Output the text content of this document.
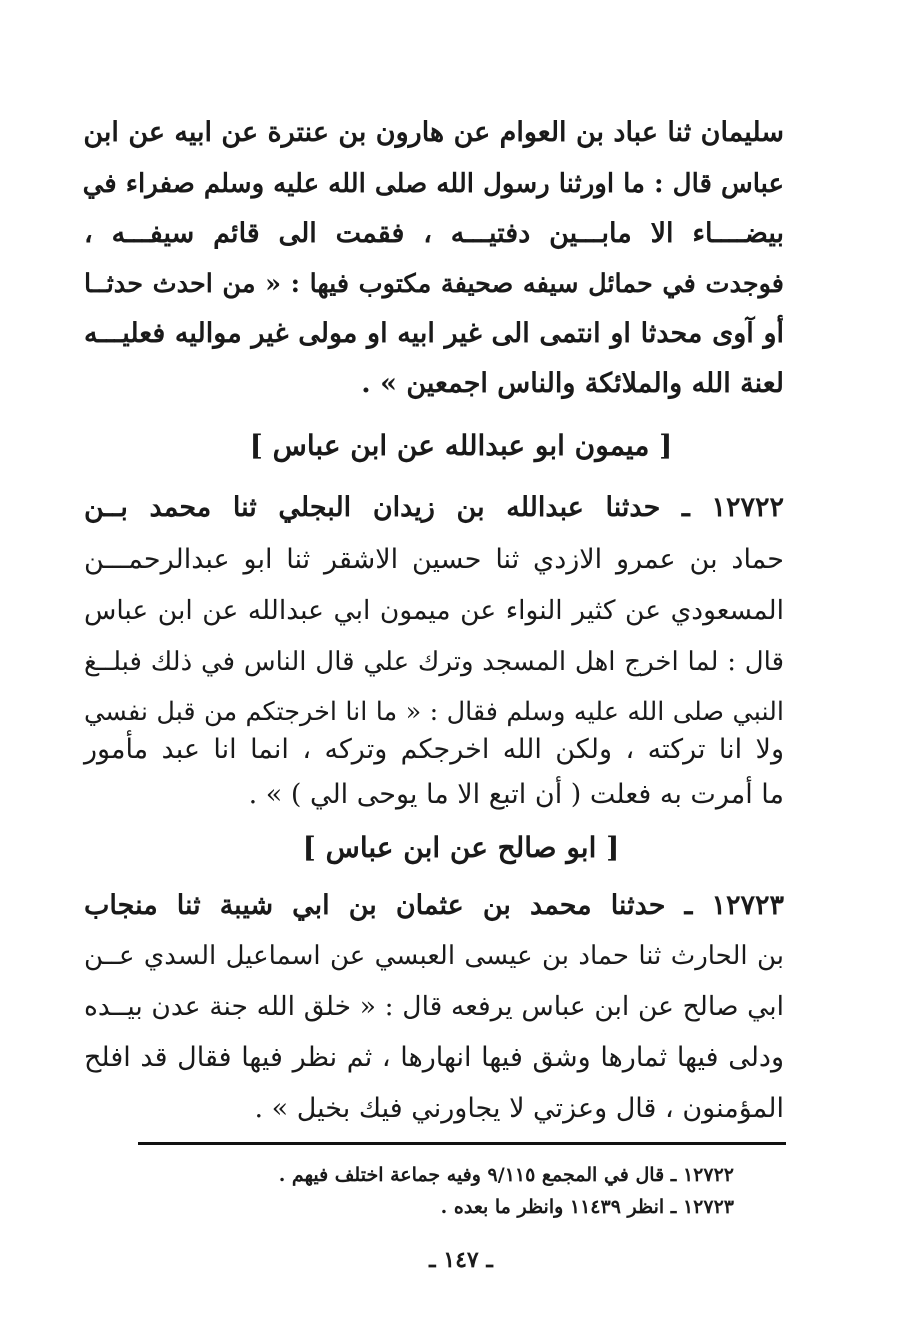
سليمان ثنا عباد بن العوام عن هارون بن عنترة عن ابيه عن ابن
عباس قال : ما اورثنا رسول الله صلى الله عليه وسلم صفراء في
بيضــــاء الا مابـــين دفتيـــه ، فقمت الى قائم سيفـــه ،
فوجدت في حمائل سيفه صحيفة مكتوب فيها : « من احدث حدثــا
أو آوى محدثا او انتمى الى غير ابيه او مولى غير مواليه فعليـــه
لعنة الله والملائكة والناس اجمعين » .
[ ميمون ابو عبدالله عن ابن عباس ]
١٢٧٢٢ ـ حدثنا عبدالله بن زيدان البجلي ثنا محمد بــن
حماد بن عمرو الازدي ثنا حسين الاشقر ثنا ابو عبدالرحمـــن
المسعودي عن كثير النواء عن ميمون ابي عبدالله عن ابن عباس
قال : لما اخرج اهل المسجد وترك علي قال الناس في ذلك فبلــغ
النبي صلى الله عليه وسلم فقال : « ما انا اخرجتكم من قبل نفسي
ولا انا تركته ، ولكن الله اخرجكم وتركه ، انما انا عبد مأمور
ما أمرت به فعلت ( أن اتبع الا ما يوحى الي ) » .
[ ابو صالح عن ابن عباس ]
١٢٧٢٣ ـ حدثنا محمد بن عثمان بن ابي شيبة ثنا منجاب
بن الحارث ثنا حماد بن عيسى العبسي عن اسماعيل السدي عــن
ابي صالح عن ابن عباس يرفعه قال : « خلق الله جنة عدن بيــده
ودلى فيها ثمارها وشق فيها انهارها ، ثم نظر فيها فقال قد افلح
المؤمنون ، قال وعزتي لا يجاورني فيك بخيل » .
١٢٧٢٢ ـ قال في المجمع ٩/١١٥ وفيه جماعة اختلف فيهم .
١٢٧٢٣ ـ انظر ١١٤٣٩ وانظر ما بعده .
ـ ١٤٧ ـ
